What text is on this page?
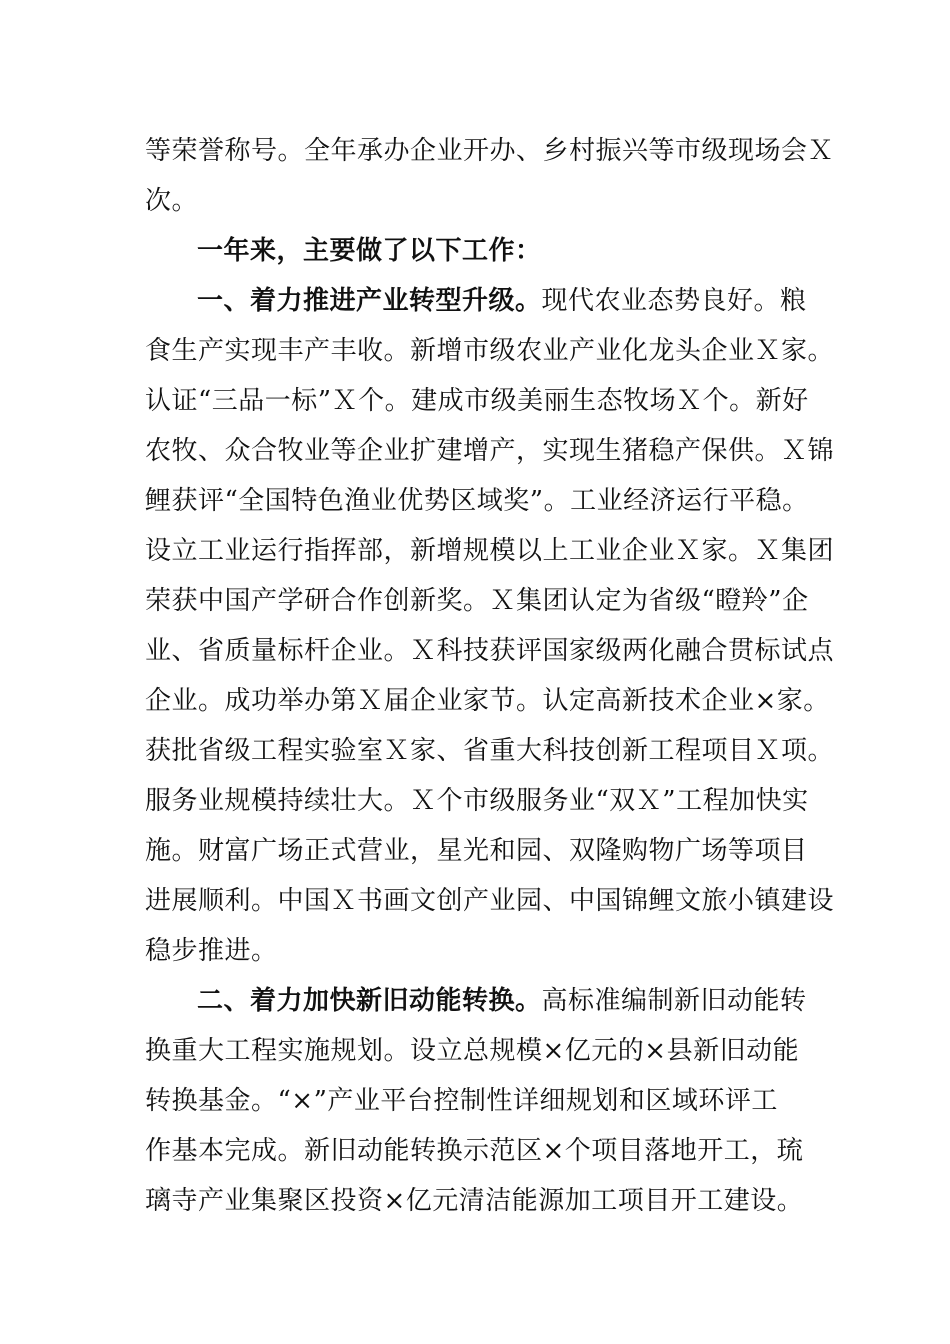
等荣誉称号。全年承办企业开办、乡村振兴等市级现场会Ｘ
次。
一年来，主要做了以下工作：
一、着力推进产业转型升级。现代农业态势良好。粮
食生产实现丰产丰收。新增市级农业产业化龙头企业Ｘ家。
认证“三品一标”Ｘ个。建成市级美丽生态牧场Ｘ个。新好
农牧、众合牧业等企业扩建增产，实现生猪稳产保供。Ｘ锦
鲤获评“全国特色渔业优势区域奖”。工业经济运行平稳。
设立工业运行指挥部，新增规模以上工业企业Ｘ家。Ｘ集团
荣获中国产学研合作创新奖。Ｘ集团认定为省级“瞪羚”企
业、省质量标杆企业。Ｘ科技获评国家级两化融合贯标试点
企业。成功举办第Ｘ届企业家节。认定高新技术企业×家。
获批省级工程实验室Ｘ家、省重大科技创新工程项目Ｘ项。
服务业规模持续壮大。Ｘ个市级服务业“双Ｘ”工程加快实
施。财富广场正式营业，星光和园、双隆购物广场等项目
进展顺利。中国Ｘ书画文创产业园、中国锦鲤文旅小镇建设
稳步推进。
二、着力加快新旧动能转换。高标准编制新旧动能转
换重大工程实施规划。设立总规模×亿元的×县新旧动能
转换基金。“×”产业平台控制性详细规划和区域环评工
作基本完成。新旧动能转换示范区×个项目落地开工，琉
璃寺产业集聚区投资×亿元清洁能源加工项目开工建设。
